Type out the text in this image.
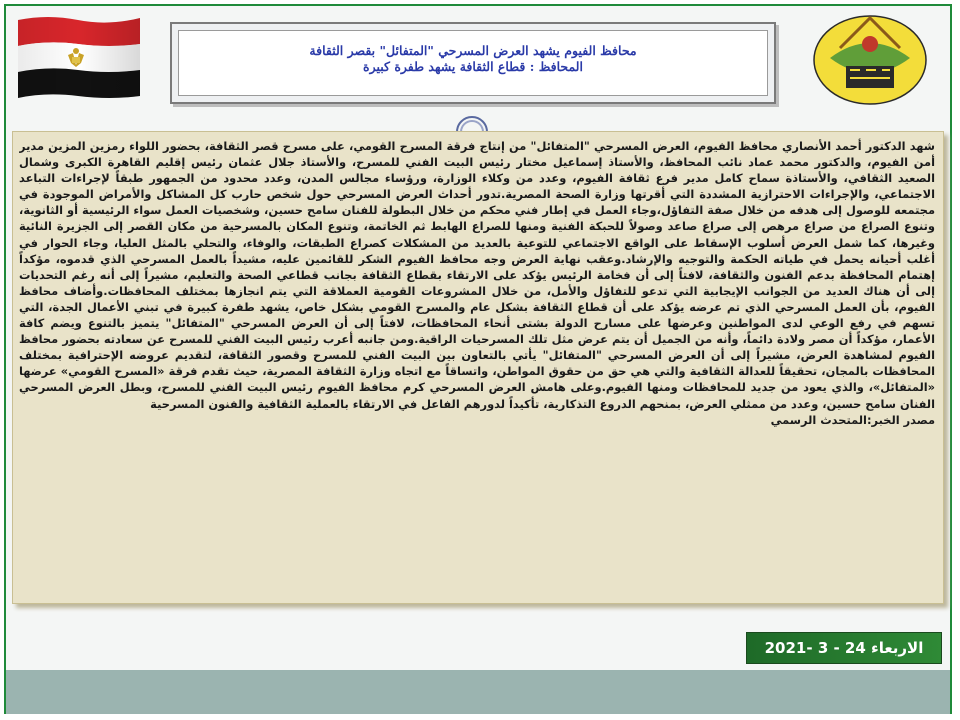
محافظ الفيوم يشهد العرض المسرحي "المتفائل" بقصر الثقافة
المحافظ : قطاع الثقافة يشهد طفرة كبيرة

شهد الدكتور أحمد الأنصاري محافظ الفيوم، العرض المسرحي "المتفائل" من إنتاج فرقة المسرح القومي، على مسرح قصر الثقافة، بحضور اللواء رمزين المزين مدير أمن الفيوم، والدكتور محمد عماد نائب المحافظ، والأستاذ إسماعيل مختار رئيس البيت الفني للمسرح، والأستاذ جلال عثمان رئيس إقليم القاهرة الكبرى وشمال الصعيد الثقافي، والأستاذة سماح كامل مدير فرع ثقافة الفيوم، وعدد من وكلاء الوزارة، ورؤساء مجالس المدن، وعدد محدود من الجمهور طبقاً لإجراءات التباعد الاجتماعي، والإجراءات الاحترازية المشددة التي أقرتها وزارة الصحة المصرية.تدور أحداث العرض المسرحي حول شخص حارب كل المشاكل والأمراض الموجودة في مجتمعه للوصول إلى هدفه من خلال صفة التفاؤل،وجاء العمل في إطار فني محكم من خلال البطولة للفنان سامح حسين، وشخصيات العمل سواء الرئيسية أو الثانوية، وتنوع الصراع من صراع مرهص إلى صراع صاعد وصولاً للحبكة الفنية ومنها للصراع الهابط ثم الخاتمة، وتنوع المكان بالمسرحية من مكان القصر إلى الجزيرة النائية وغيرها، كما شمل العرض أسلوب الإسقاط على الواقع الاجتماعي للتوعية بالعديد من المشكلات كصراع الطبقات، والوفاء، والتحلي بالمثل العليا، وجاء الحوار في أغلب أحيانه يحمل في طياته الحكمة والتوجيه والإرشاد.وعقب نهاية العرض وجه محافظ الفيوم الشكر للقائمين عليه، مشيداً بالعمل المسرحي الذي قدموه، مؤكداً إهتمام المحافظة بدعم الفنون والثقافة، لافتاً إلى أن فخامة الرئيس يؤكد على الارتقاء بقطاع الثقافة بجانب قطاعي الصحة والتعليم، مشيراً إلى أنه رغم التحديات إلى أن هناك العديد من الجوانب الإيجابية التي تدعو للتفاؤل والأمل، من خلال المشروعات القومية العملاقة التي يتم انجازها بمختلف المحافظات.وأضاف محافظ الفيوم، بأن العمل المسرحي الذي تم عرضه يؤكد على أن قطاع الثقافة بشكل عام والمسرح القومي بشكل خاص، يشهد طفرة كبيرة في تبني الأعمال الجدة، التي تسهم في رفع الوعي لدى المواطنين وعرضها على مسارح الدولة بشتى أنحاء المحافظات، لافتاً إلى أن العرض المسرحي "المتفائل" يتميز بالتنوع ويضم كافة الأعمار، مؤكداً أن مصر ولادة دائماً، وأنه من الجميل أن يتم عرض مثل تلك المسرحيات الراقية.ومن جانبه أعرب رئيس البيت الفني للمسرح عن سعادته بحضور محافظ الفيوم لمشاهدة العرض، مشيراً إلى أن العرض المسرحي "المتفائل" يأتي بالتعاون بين البيت الفني للمسرح وقصور الثقافة، لتقديم عروضه الإحترافية بمختلف المحافظات بالمجان، تحقيقاً للعدالة الثقافية والتي هي حق من حقوق المواطن، واتساقاً مع اتجاه وزارة الثقافة المصرية، حيث تقدم فرقة «المسرح القومي» عرضها «المتفائل»، والذي يعود من جديد للمحافظات ومنها الفيوم.وعلى هامش العرض المسرحي كرم محافظ الفيوم رئيس البيت الفني للمسرح، وبطل العرض المسرحي الفنان سامح حسين، وعدد من ممثلي العرض، بمنحهم الدروع التذكارية، تأكيداً لدورهم الفاعل في الارتقاء بالعملية الثقافية والفنون المسرحية

مصدر الخبر:المتحدث الرسمي

الاربعاء 24 - 3 -2021
